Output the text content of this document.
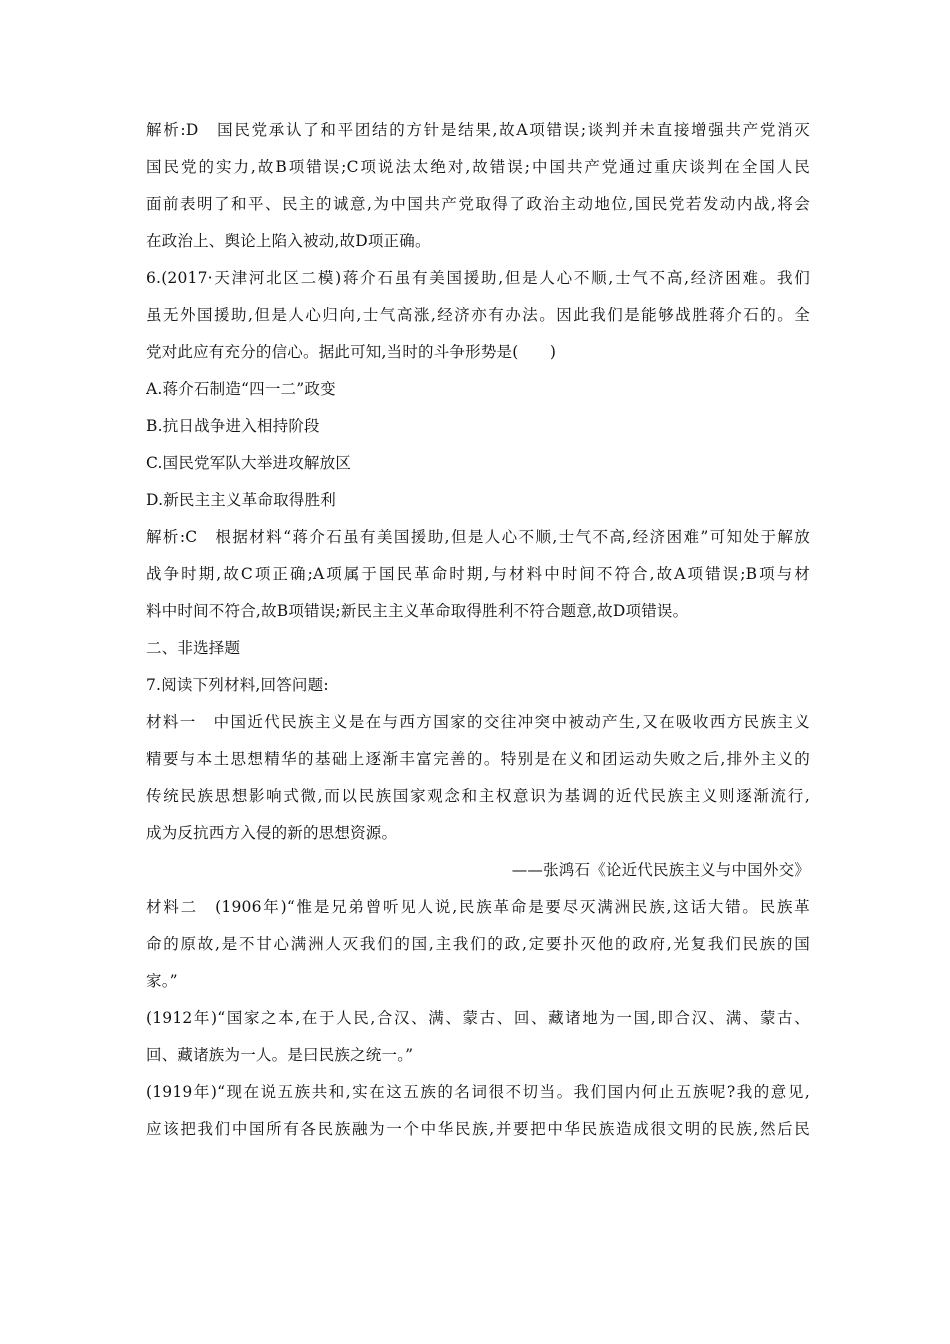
解析:D　国民党承认了和平团结的方针是结果,故A项错误;谈判并未直接增强共产党消灭
国民党的实力,故B项错误;C项说法太绝对,故错误;中国共产党通过重庆谈判在全国人民
面前表明了和平、民主的诚意,为中国共产党取得了政治主动地位,国民党若发动内战,将会
在政治上、舆论上陷入被动,故D项正确。
6.(2017·天津河北区二模)蒋介石虽有美国援助,但是人心不顺,士气不高,经济困难。我们
虽无外国援助,但是人心归向,士气高涨,经济亦有办法。因此我们是能够战胜蒋介石的。全
党对此应有充分的信心。据此可知,当时的斗争形势是(　　)
A.蒋介石制造“四一二”政变
B.抗日战争进入相持阶段
C.国民党军队大举进攻解放区
D.新民主主义革命取得胜利
解析:C　根据材料“蒋介石虽有美国援助,但是人心不顺,士气不高,经济困难”可知处于解放
战争时期,故C项正确;A项属于国民革命时期,与材料中时间不符合,故A项错误;B项与材
料中时间不符合,故B项错误;新民主主义革命取得胜利不符合题意,故D项错误。
二、非选择题
7.阅读下列材料,回答问题:
材料一　中国近代民族主义是在与西方国家的交往冲突中被动产生,又在吸收西方民族主义
精要与本土思想精华的基础上逐渐丰富完善的。特别是在义和团运动失败之后,排外主义的
传统民族思想影响式微,而以民族国家观念和主权意识为基调的近代民族主义则逐渐流行,
成为反抗西方入侵的新的思想资源。
——张鸿石《论近代民族主义与中国外交》
材料二　(1906年)“惟是兄弟曾听见人说,民族革命是要尽灭满洲民族,这话大错。民族革
命的原故,是不甘心满洲人灭我们的国,主我们的政,定要扑灭他的政府,光复我们民族的国
家。”
(1912年)“国家之本,在于人民,合汉、满、蒙古、回、藏诸地为一国,即合汉、满、蒙古、
回、藏诸族为一人。是曰民族之统一。”
(1919年)“现在说五族共和,实在这五族的名词很不切当。我们国内何止五族呢?我的意见,
应该把我们中国所有各民族融为一个中华民族,并要把中华民族造成很文明的民族,然后民
